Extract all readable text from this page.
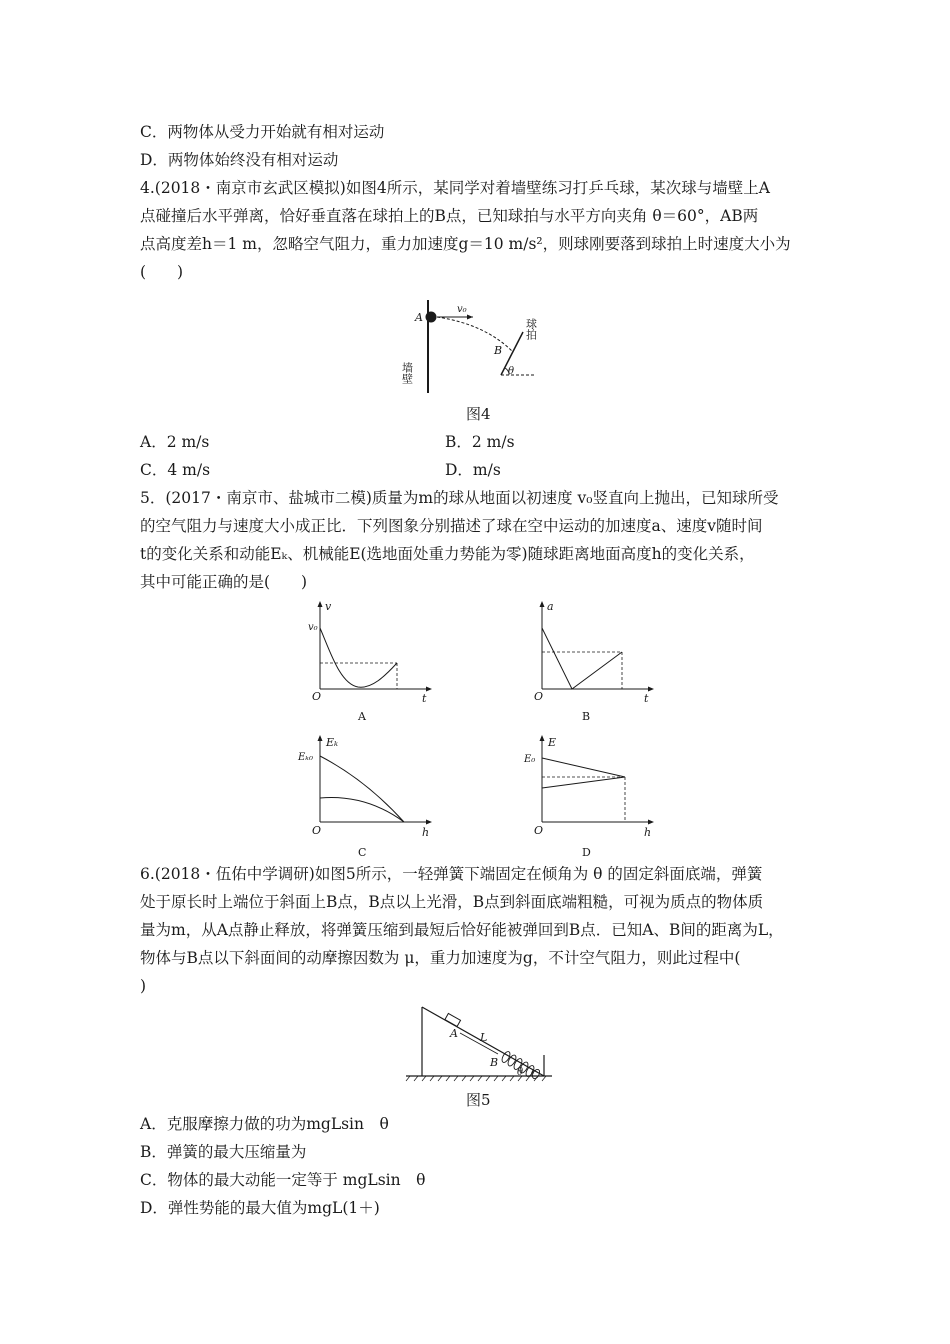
C．两物体从受力开始就有相对运动
D．两物体始终没有相对运动
4.(2018・南京市玄武区模拟)如图4所示，某同学对着墙壁练习打乒乓球，某次球与墙壁上A
点碰撞后水平弹离，恰好垂直落在球拍上的B点，已知球拍与水平方向夹角 θ＝60°，AB两
点高度差h＝1 m，忽略空气阻力，重力加速度g＝10 m/s²，则球刚要落到球拍上时速度大小为
(　　)
A
v₀
B
θ
墙壁
球拍
图4
A．2 m/s	B．2 m/s
C．4 m/s	D．m/s
5．(2017・南京市、盐城市二模)质量为m的球从地面以初速度 v₀竖直向上抛出，已知球所受
的空气阻力与速度大小成正比．下列图象分别描述了球在空中运动的加速度a、速度v随时间
t的变化关系和动能Eₖ、机械能E(选地面处重力势能为零)随球距离地面高度h的变化关系，
其中可能正确的是(　　)
v
v₀
O	t
A
a
O	t
B
Eₖ
Eₖ₀
O	h
C
E
E₀
O	h
D
6.(2018・伍佑中学调研)如图5所示，一轻弹簧下端固定在倾角为 θ 的固定斜面底端，弹簧
处于原长时上端位于斜面上B点，B点以上光滑，B点到斜面底端粗糙，可视为质点的物体质
量为m，从A点静止释放，将弹簧压缩到最短后恰好能被弹回到B点．已知A、B间的距离为L，
物体与B点以下斜面间的动摩擦因数为 μ，重力加速度为g，不计空气阻力，则此过程中(
)
A L
B
θ
图5
A．克服摩擦力做的功为mgLsin　θ
B．弹簧的最大压缩量为
C．物体的最大动能一定等于 mgLsin　θ
D．弹性势能的最大值为mgL(1＋)
